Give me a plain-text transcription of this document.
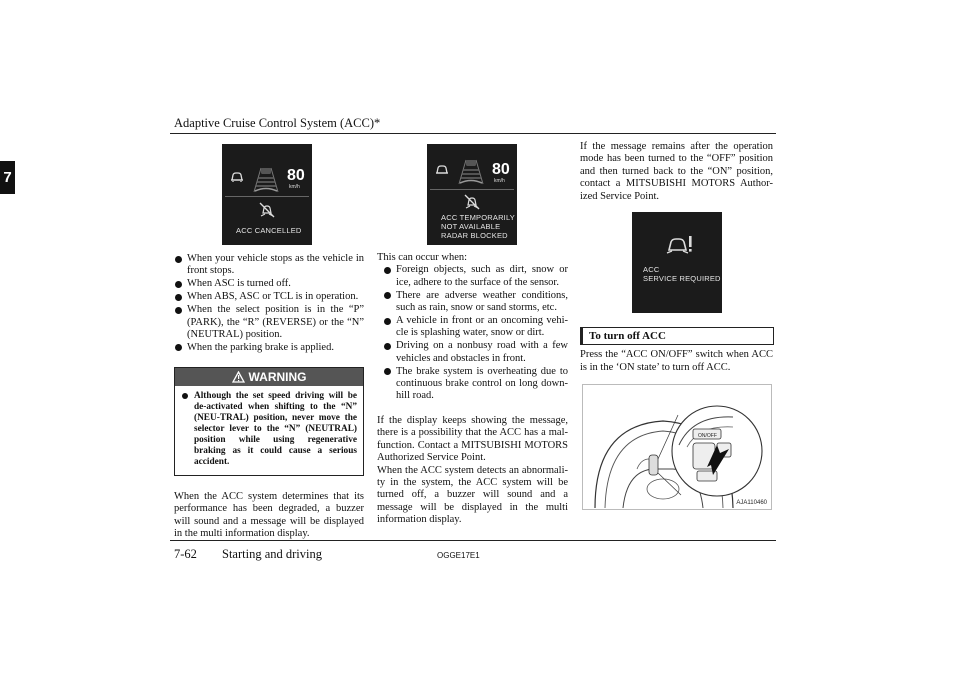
Adaptive Cruise Control System (ACC)*
7	80
km/h
ACC CANCELLED
When your vehicle stops as the vehicle in front stops.
When ASC is turned off.
When ABS, ASC or TCL is in operation.
When the select position is in the “P” (PARK), the “R” (REVERSE) or the “N” (NEUTRAL) position.
When the parking brake is applied.
WARNING
Although the set speed driving will be de-activated when shifting to the “N” (NEU-TRAL) position, never move the selector lever to the “N” (NEUTRAL) position while using regenerative braking as it could cause a serious accident.

When the ACC system determines that its performance has been degraded, a buzzer will sound and a message will be displayed in the multi information display.

80
km/h
ACC TEMPORARILY
NOT AVAILABLE
RADAR BLOCKED

This can occur when:

Foreign objects, such as dirt, snow or ice, adhere to the surface of the sensor.
There are adverse weather conditions, such as rain, snow or sand storms, etc.
A vehicle in front or an oncoming vehi-cle is splashing water, snow or dirt.
Driving on a nonbusy road with a few vehicles and obstacles in front.
The brake system is overheating due to continuous brake control on long down-hill road.

If the display keeps showing the message, there is a possibility that the ACC has a mal-function. Contact a MITSUBISHI MOTORS Authorized Service Point.

When the ACC system detects an abnormali-ty in the system, the ACC system will be turned off, a buzzer will sound and a message will be displayed in the multi information display.

If the message remains after the operation mode has been turned to the “OFF” position and then turned back to the “ON” position, contact a MITSUBISHI MOTORS Author-ized Service Point.

ACC
SERVICE REQUIRED
To turn off ACC

Press the “ACC ON/OFF” switch when ACC is in the ‘ON state’ to turn off ACC.

ON/OFF
AJA110460
7-62 Starting and driving	OGGE17E1
